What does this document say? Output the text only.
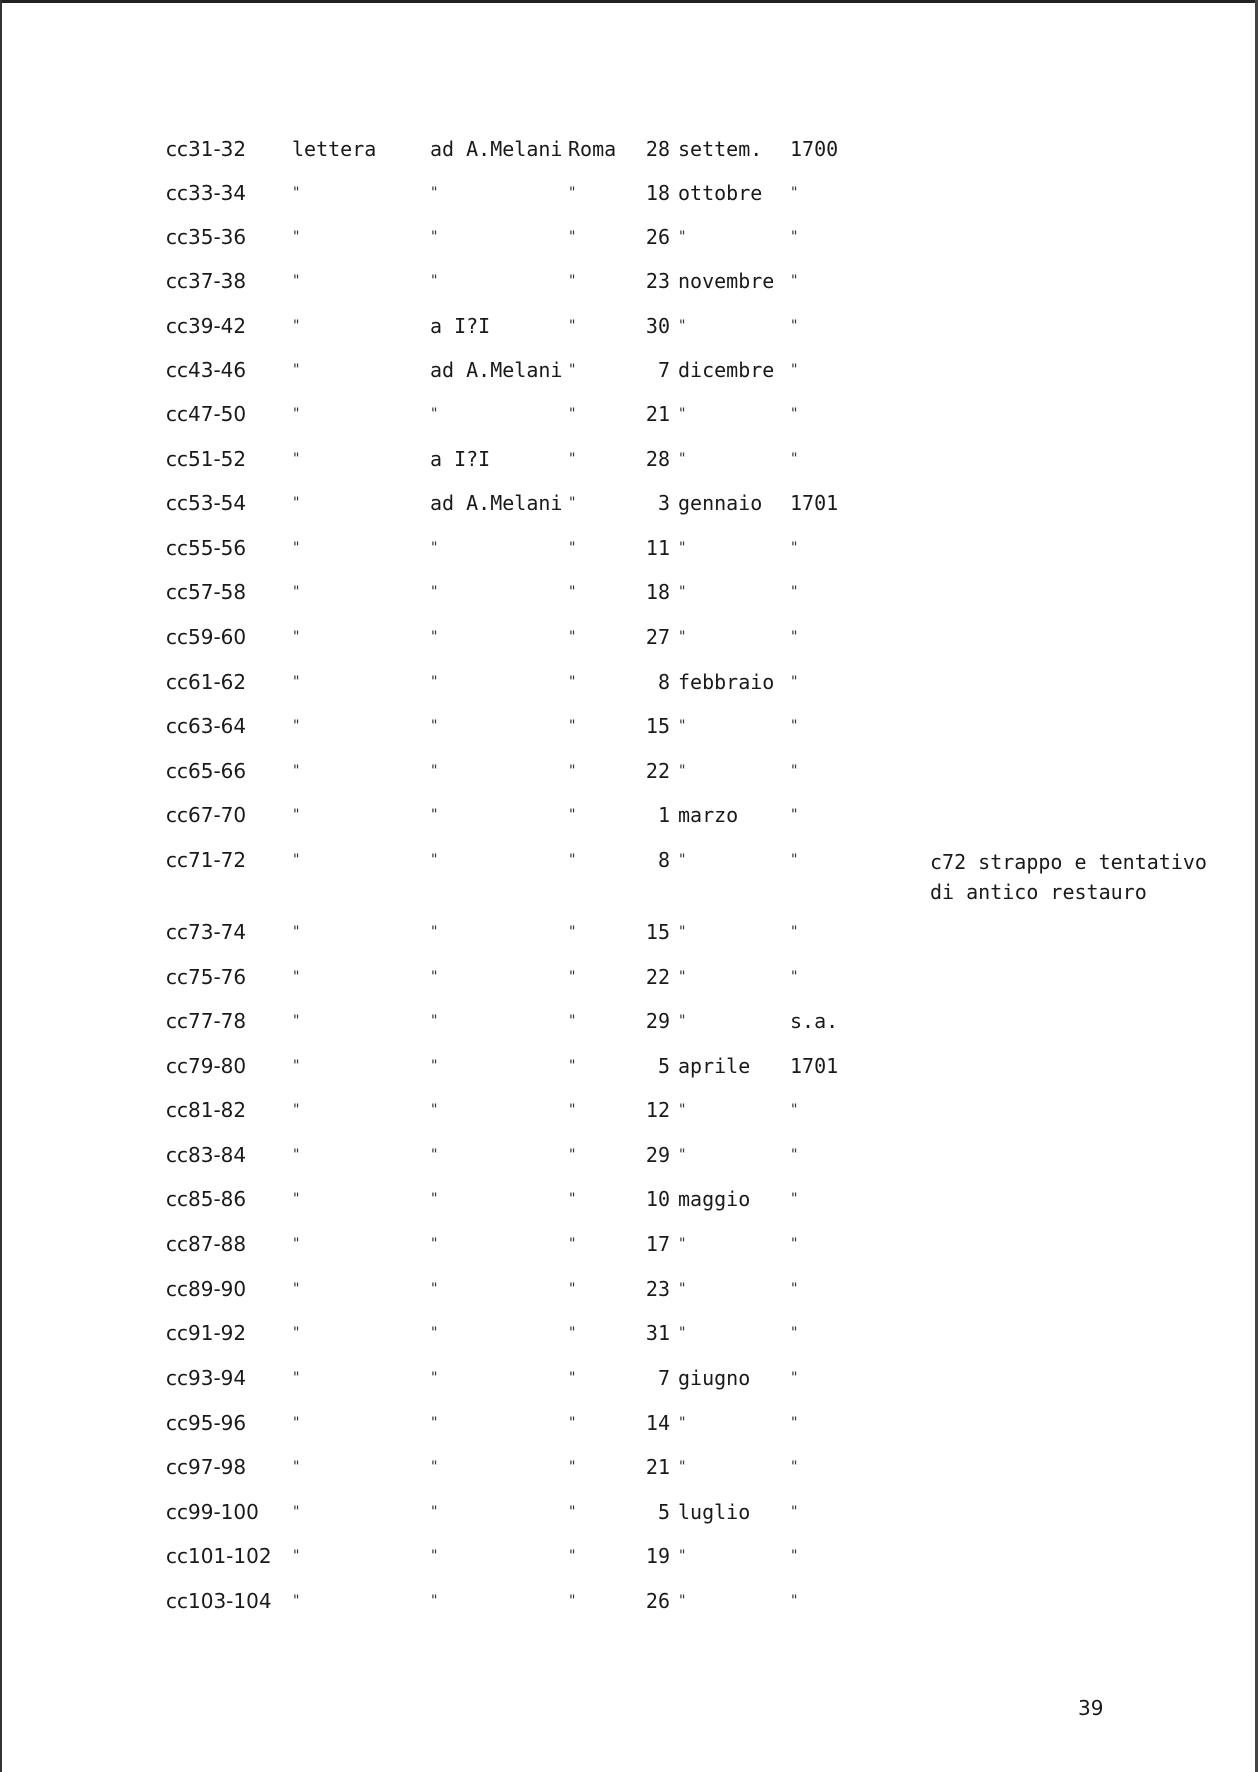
cc31-32 lettera	ad A.Melani Roma 28 settem. 1700
cc33-34	"	"	"	18 ottobre "
cc35-36	"	"	"	26 "	"
cc37-38	"	"	"	23 novembre "
cc39-42	"	a I?I	"	30 "	"
cc43-46	"	ad A.Melani "	7 dicembre "
cc47-50	"	"	"	21 "	"
cc51-52	"	a I?I	"	28 "	"
cc53-54	"	ad A.Melani "	3 gennaio 1701
cc55-56	"	"	"	11 "	"
cc57-58	"	"	"	18 "	"
cc59-60	"	"	"	27 "	"
cc61-62	"	"	"	8 febbraio "
cc63-64	"	"	"	15 "	"
cc65-66	"	"	"	22 "	"
cc67-70	"	"	"	1 marzo	"
cc71-72	"	"	"	8 "	"	c72 strappo e tentativo
di antico restauro
cc73-74	"	"	"	15 "	"
cc75-76	"	"	"	22 "	"
cc77-78	"	"	"	29 "	s.a.
cc79-80	"	"	"	5 aprile 1701
cc81-82	"	"	"	12 "	"
cc83-84	"	"	"	29 "	"
cc85-86	"	"	"	10 maggio	"
cc87-88	"	"	"	17 "	"
cc89-90	"	"	"	23 "	"
cc91-92	"	"	"	31 "	"
cc93-94	"	"	"	7 giugno	"
cc95-96	"	"	"	14 "	"
cc97-98	"	"	"	21 "	"
cc99-100 "	"	"	5 luglio	"
cc101-102 "	"	"	19 "	"
cc103-104 "	"	"	26 "	"
39
